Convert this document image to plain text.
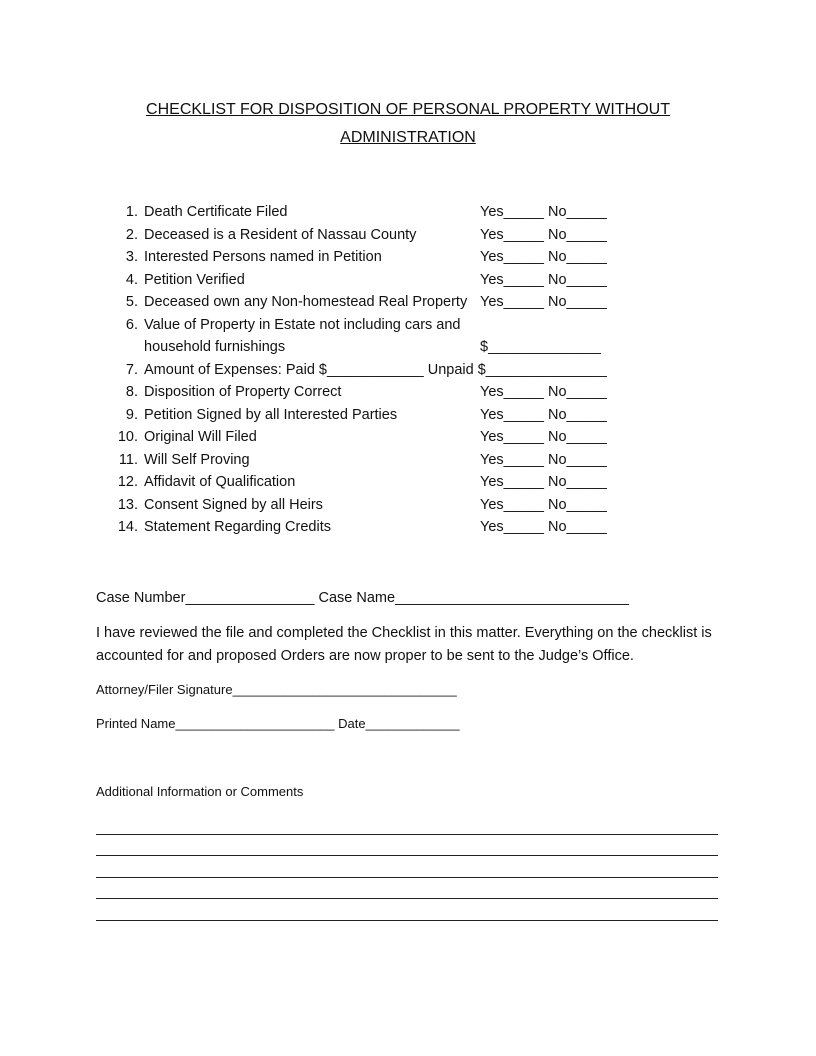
CHECKLIST FOR DISPOSITION OF PERSONAL PROPERTY WITHOUT
ADMINISTRATION
1. Death Certificate Filed	Yes_____ No_____
2. Deceased is a Resident of Nassau County	Yes_____ No_____
3. Interested Persons named in Petition	Yes_____ No_____
4. Petition Verified	Yes_____ No_____
5. Deceased own any Non-homestead Real Property Yes_____ No_____
6. Value of Property in Estate not including cars and
household furnishings	$______________
7. Amount of Expenses: Paid $____________ Unpaid $_______________
8. Disposition of Property Correct	Yes_____ No_____
9. Petition Signed by all Interested Parties	Yes_____ No_____
10. Original Will Filed	Yes_____ No_____
11. Will Self Proving	Yes_____ No_____
12. Affidavit of Qualification	Yes_____ No_____
13. Consent Signed by all Heirs	Yes_____ No_____
14. Statement Regarding Credits	Yes_____ No_____
Case Number________________ Case Name_____________________________
I have reviewed the file and completed the Checklist in this matter. Everything on the checklist is accounted for and proposed Orders are now proper to be sent to the Judge’s Office.
Attorney/Filer Signature_______________________________
Printed Name______________________ Date_____________
Additional Information or Comments
